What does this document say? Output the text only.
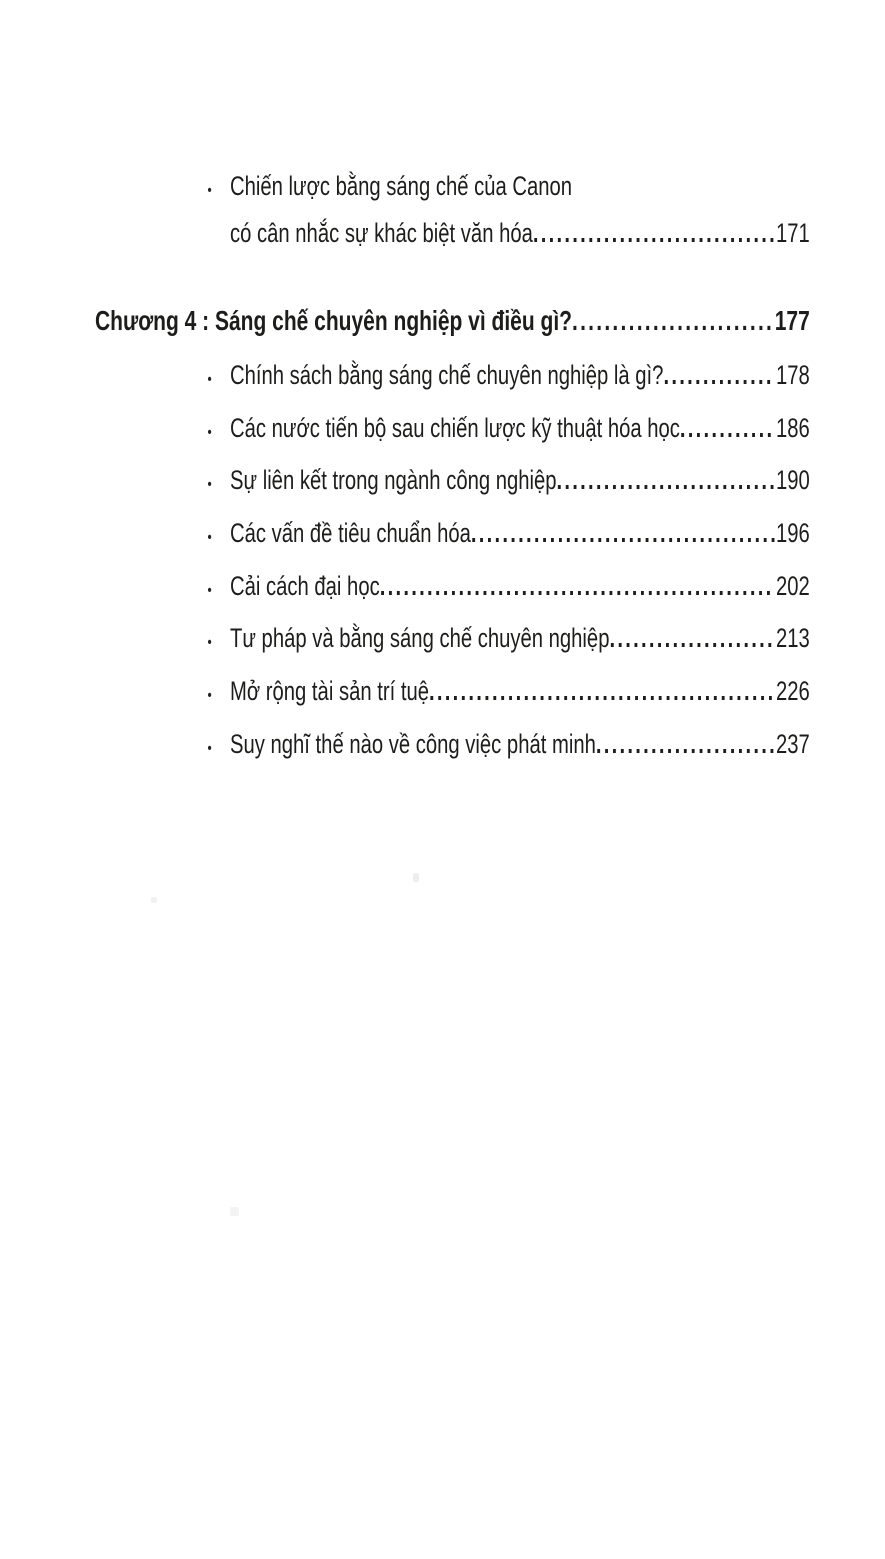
• Chiến lược bằng sáng chế của Canon
có cân nhắc sự khác biệt văn hóa .....	171
Chương 4 : Sáng chế chuyên nghiệp vì điều gì? .....	177
• Chính sách bằng sáng chế chuyên nghiệp là gì? .....	178
• Các nước tiến bộ sau chiến lược kỹ thuật hóa học .....	186
• Sự liên kết trong ngành công nghiệp .....	190
• Các vấn đề tiêu chuẩn hóa .....	196
• Cải cách đại học .....	202
• Tư pháp và bằng sáng chế chuyên nghiệp .....	213
• Mở rộng tài sản trí tuệ .....	226
• Suy nghĩ thế nào về công việc phát minh .....	237
